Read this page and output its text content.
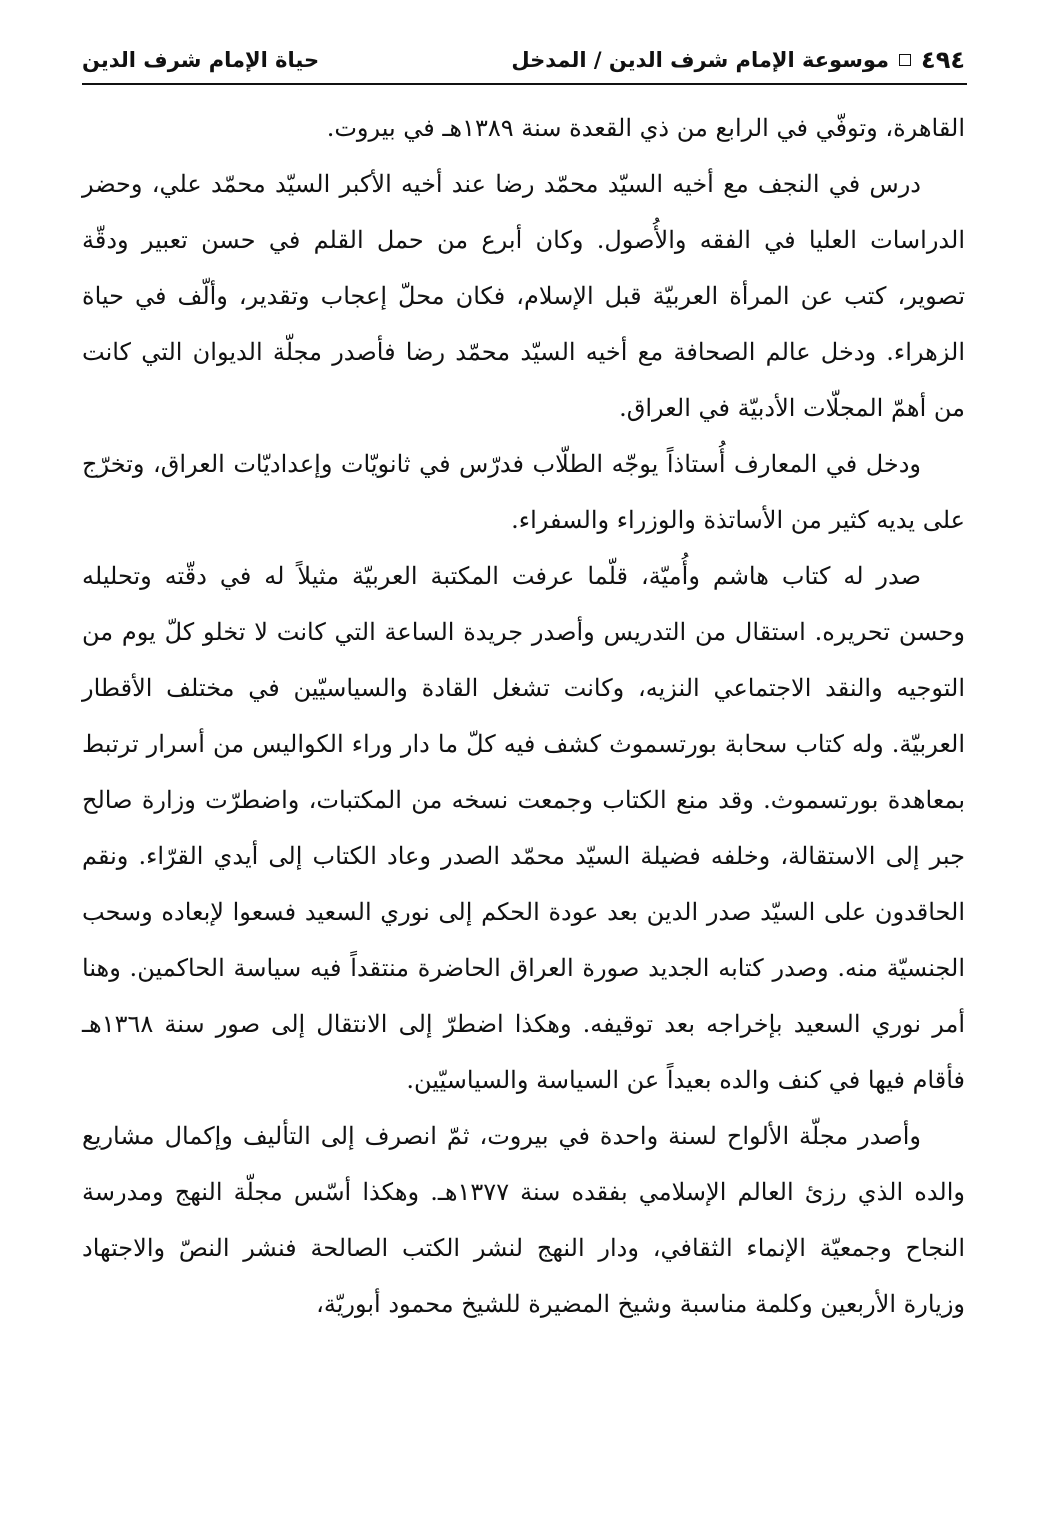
٤٩٤
موسوعة الإمام شرف الدين / المدخل
حياة الإمام شرف الدين

القاهرة، وتوفّي في الرابع من ذي القعدة سنة ١٣٨٩هـ في بيروت.

درس في النجف مع أخيه السيّد محمّد رضا عند أخيه الأكبر السيّد محمّد علي، وحضر الدراسات العليا في الفقه والأُصول. وكان أبرع من حمل القلم في حسن تعبير ودقّة تصوير، كتب عن المرأة العربيّة قبل الإسلام، فكان محلّ إعجاب وتقدير، وألّف في حياة الزهراء. ودخل عالم الصحافة مع أخيه السيّد محمّد رضا فأصدر مجلّة الديوان التي كانت من أهمّ المجلّات الأدبيّة في العراق.

ودخل في المعارف أُستاذاً يوجّه الطلّاب فدرّس في ثانويّات وإعداديّات العراق، وتخرّج على يديه كثير من الأساتذة والوزراء والسفراء.

صدر له كتاب هاشم وأُميّة، قلّما عرفت المكتبة العربيّة مثيلاً له في دقّته وتحليله وحسن تحريره. استقال من التدريس وأصدر جريدة الساعة التي كانت لا تخلو كلّ يوم من التوجيه والنقد الاجتماعي النزيه، وكانت تشغل القادة والسياسيّين في مختلف الأقطار العربيّة. وله كتاب سحابة بورتسموث كشف فيه كلّ ما دار وراء الكواليس من أسرار ترتبط بمعاهدة بورتسموث. وقد منع الكتاب وجمعت نسخه من المكتبات، واضطرّت وزارة صالح جبر إلى الاستقالة، وخلفه فضيلة السيّد محمّد الصدر وعاد الكتاب إلى أيدي القرّاء. ونقم الحاقدون على السيّد صدر الدين بعد عودة الحكم إلى نوري السعيد فسعوا لإبعاده وسحب الجنسيّة منه. وصدر كتابه الجديد صورة العراق الحاضرة منتقداً فيه سياسة الحاكمين. وهنا أمر نوري السعيد بإخراجه بعد توقيفه. وهكذا اضطرّ إلى الانتقال إلى صور سنة ١٣٦٨هـ فأقام فيها في كنف والده بعيداً عن السياسة والسياسيّين.

وأصدر مجلّة الألواح لسنة واحدة في بيروت، ثمّ انصرف إلى التأليف وإكمال مشاريع والده الذي رزئ العالم الإسلامي بفقده سنة ١٣٧٧هـ. وهكذا أسّس مجلّة النهج ومدرسة النجاح وجمعيّة الإنماء الثقافي، ودار النهج لنشر الكتب الصالحة فنشر النصّ والاجتهاد وزيارة الأربعين وكلمة مناسبة وشيخ المضيرة للشيخ محمود أبوريّة،
